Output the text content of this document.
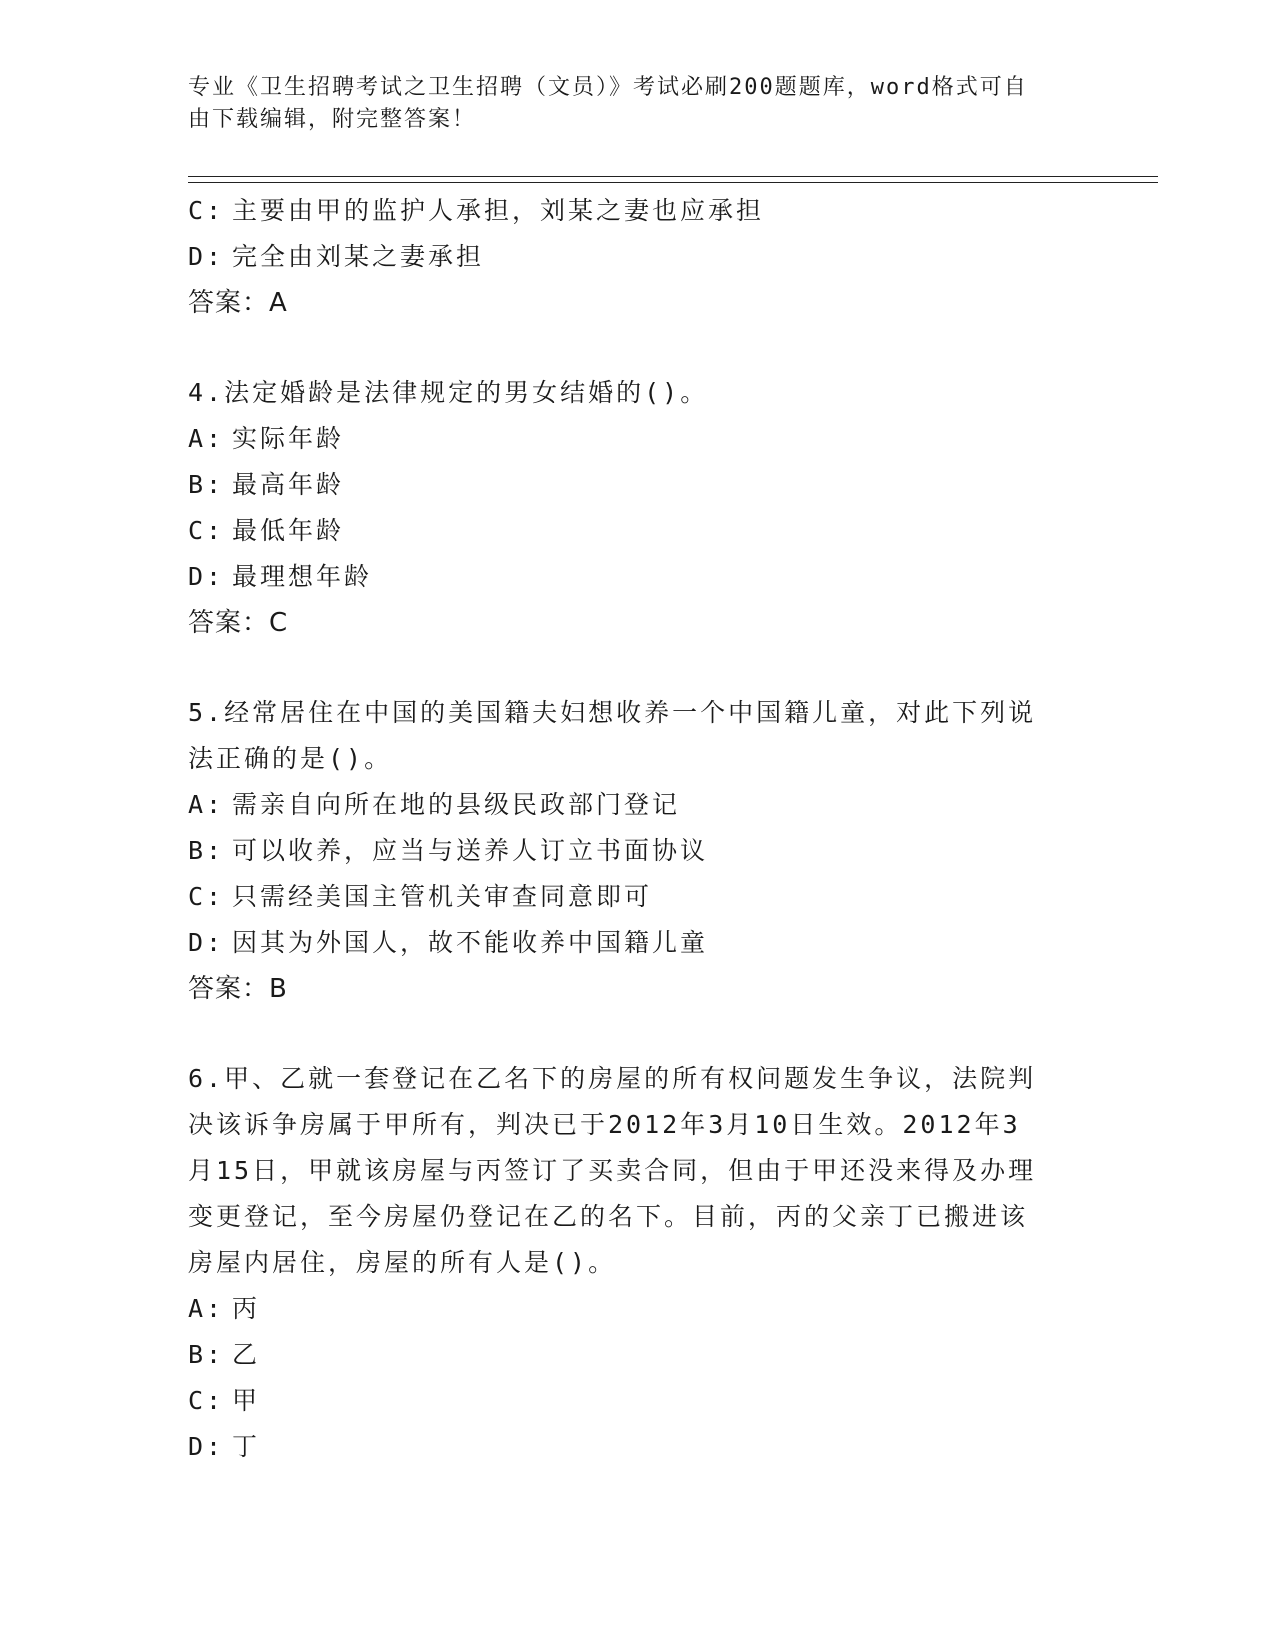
专业《卫生招聘考试之卫生招聘（文员）》考试必刷200题题库，word格式可自
由下载编辑，附完整答案！
C: 主要由甲的监护人承担，刘某之妻也应承担
D: 完全由刘某之妻承担
答案：A
4.法定婚龄是法律规定的男女结婚的()。
A: 实际年龄
B: 最高年龄
C: 最低年龄
D: 最理想年龄
答案：C
5.经常居住在中国的美国籍夫妇想收养一个中国籍儿童，对此下列说
法正确的是()。
A: 需亲自向所在地的县级民政部门登记
B: 可以收养，应当与送养人订立书面协议
C: 只需经美国主管机关审查同意即可
D: 因其为外国人，故不能收养中国籍儿童
答案：B
6.甲、乙就一套登记在乙名下的房屋的所有权问题发生争议，法院判
决该诉争房属于甲所有，判决已于2012年3月10日生效。2012年3
月15日，甲就该房屋与丙签订了买卖合同，但由于甲还没来得及办理
变更登记，至今房屋仍登记在乙的名下。目前，丙的父亲丁已搬进该
房屋内居住，房屋的所有人是()。
A: 丙
B: 乙
C: 甲
D: 丁
